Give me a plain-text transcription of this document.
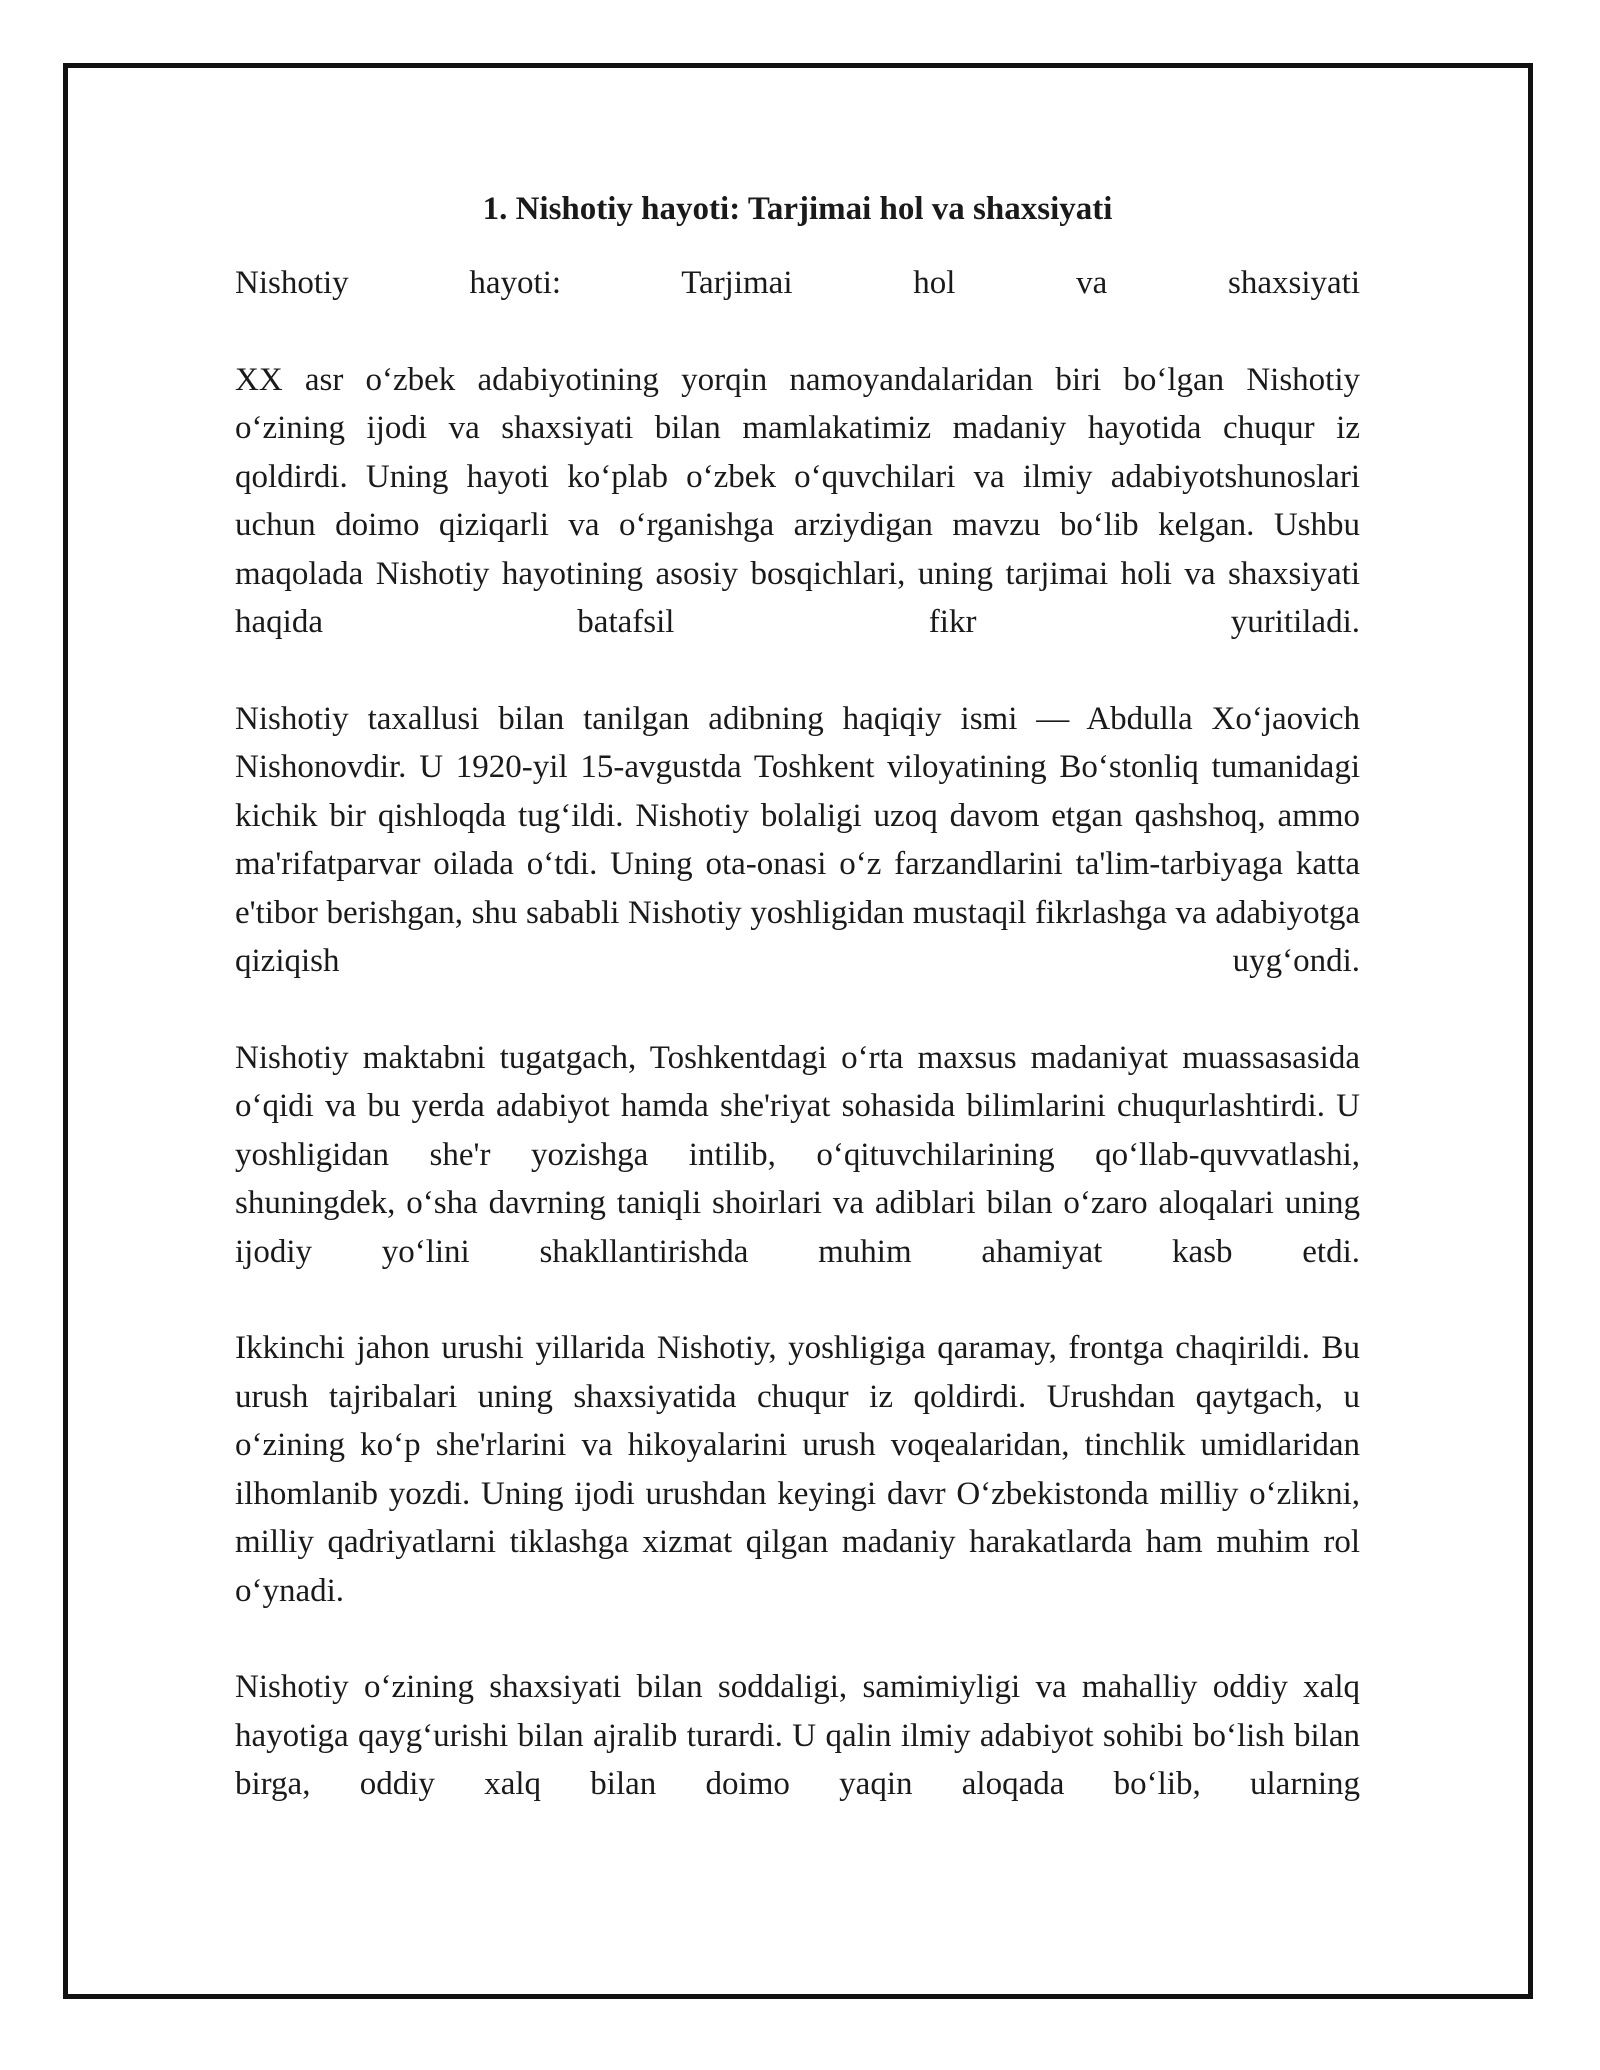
1. Nishotiy hayoti: Tarjimai hol va shaxsiyati

Nishotiy hayoti: Tarjimai hol va shaxsiyati

XX asr o‘zbek adabiyotining yorqin namoyandalaridan biri bo‘lgan Nishotiy o‘zining ijodi va shaxsiyati bilan mamlakatimiz madaniy hayotida chuqur iz qoldirdi. Uning hayoti ko‘plab o‘zbek o‘quvchilari va ilmiy adabiyotshunoslari uchun doimo qiziqarli va o‘rganishga arziydigan mavzu bo‘lib kelgan. Ushbu maqolada Nishotiy hayotining asosiy bosqichlari, uning tarjimai holi va shaxsiyati haqida batafsil fikr yuritiladi.

Nishotiy taxallusi bilan tanilgan adibning haqiqiy ismi — Abdulla Xo‘jaovich Nishonovdir. U 1920-yil 15-avgustda Toshkent viloyatining Bo‘stonliq tumanidagi kichik bir qishloqda tug‘ildi. Nishotiy bolaligi uzoq davom etgan qashshoq, ammo ma'rifatparvar oilada o‘tdi. Uning ota-onasi o‘z farzandlarini ta'lim-tarbiyaga katta e'tibor berishgan, shu sababli Nishotiy yoshligidan mustaqil fikrlashga va adabiyotga qiziqish uyg‘ondi.

Nishotiy maktabni tugatgach, Toshkentdagi o‘rta maxsus madaniyat muassasasida o‘qidi va bu yerda adabiyot hamda she'riyat sohasida bilimlarini chuqurlashtirdi. U yoshligidan she'r yozishga intilib, o‘qituvchilarining qo‘llab-quvvatlashi, shuningdek, o‘sha davrning taniqli shoirlari va adiblari bilan o‘zaro aloqalari uning ijodiy yo‘lini shakllantirishda muhim ahamiyat kasb etdi.

Ikkinchi jahon urushi yillarida Nishotiy, yoshligiga qaramay, frontga chaqirildi. Bu urush tajribalari uning shaxsiyatida chuqur iz qoldirdi. Urushdan qaytgach, u o‘zining ko‘p she'rlarini va hikoyalarini urush voqealaridan, tinchlik umidlaridan ilhomlanib yozdi. Uning ijodi urushdan keyingi davr O‘zbekistonda milliy o‘zlikni, milliy qadriyatlarni tiklashga xizmat qilgan madaniy harakatlarda ham muhim rol o‘ynadi.

Nishotiy o‘zining shaxsiyati bilan soddaligi, samimiyligi va mahalliy oddiy xalq hayotiga qayg‘urishi bilan ajralib turardi. U qalin ilmiy adabiyot sohibi bo‘lish bilan birga, oddiy xalq bilan doimo yaqin aloqada bo‘lib, ularning
